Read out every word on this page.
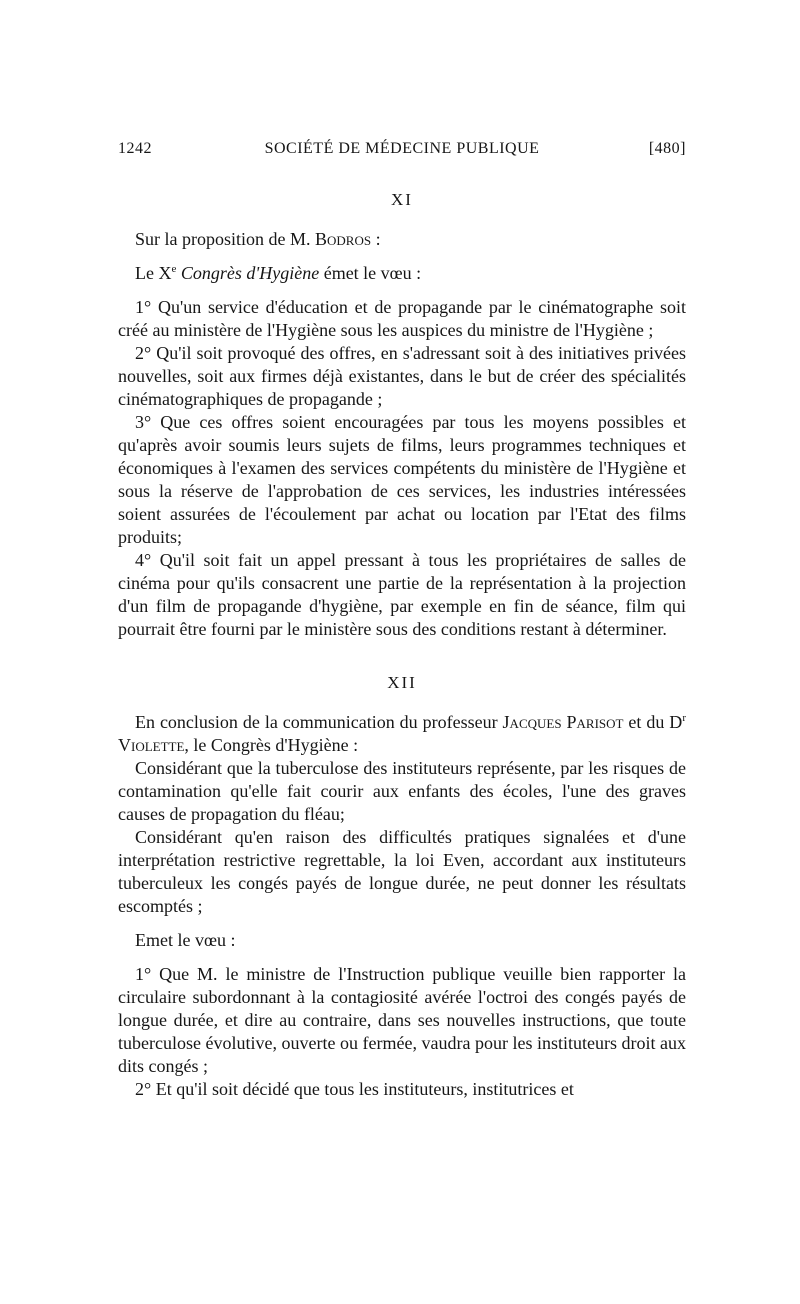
1242	SOCIÉTÉ DE MÉDECINE PUBLIQUE	[480]
XI

Sur la proposition de M. Bodros :

Le Xe Congrès d'Hygiène émet le vœu :

1° Qu'un service d'éducation et de propagande par le cinématographe soit créé au ministère de l'Hygiène sous les auspices du ministre de l'Hygiène ;

2° Qu'il soit provoqué des offres, en s'adressant soit à des initiatives privées nouvelles, soit aux firmes déjà existantes, dans le but de créer des spécialités cinématographiques de propagande ;

3° Que ces offres soient encouragées par tous les moyens possibles et qu'après avoir soumis leurs sujets de films, leurs programmes techniques et économiques à l'examen des services compétents du ministère de l'Hygiène et sous la réserve de l'approbation de ces services, les industries intéressées soient assurées de l'écoulement par achat ou location par l'Etat des films produits;

4° Qu'il soit fait un appel pressant à tous les propriétaires de salles de cinéma pour qu'ils consacrent une partie de la représentation à la projection d'un film de propagande d'hygiène, par exemple en fin de séance, film qui pourrait être fourni par le ministère sous des conditions restant à déterminer.

XII

En conclusion de la communication du professeur Jacques Parisot et du $D^r$ Violette, le Congrès d'Hygiène :

Considérant que la tuberculose des instituteurs représente, par les risques de contamination qu'elle fait courir aux enfants des écoles, l'une des graves causes de propagation du fléau;

Considérant qu'en raison des difficultés pratiques signalées et d'une interprétation restrictive regrettable, la loi Even, accordant aux instituteurs tuberculeux les congés payés de longue durée, ne peut donner les résultats escomptés ;

Emet le vœu :

1° Que M. le ministre de l'Instruction publique veuille bien rapporter la circulaire subordonnant à la contagiosité avérée l'octroi des congés payés de longue durée, et dire au contraire, dans ses nouvelles instructions, que toute tuberculose évolutive, ouverte ou fermée, vaudra pour les instituteurs droit aux dits congés ;

2° Et qu'il soit décidé que tous les instituteurs, institutrices et
